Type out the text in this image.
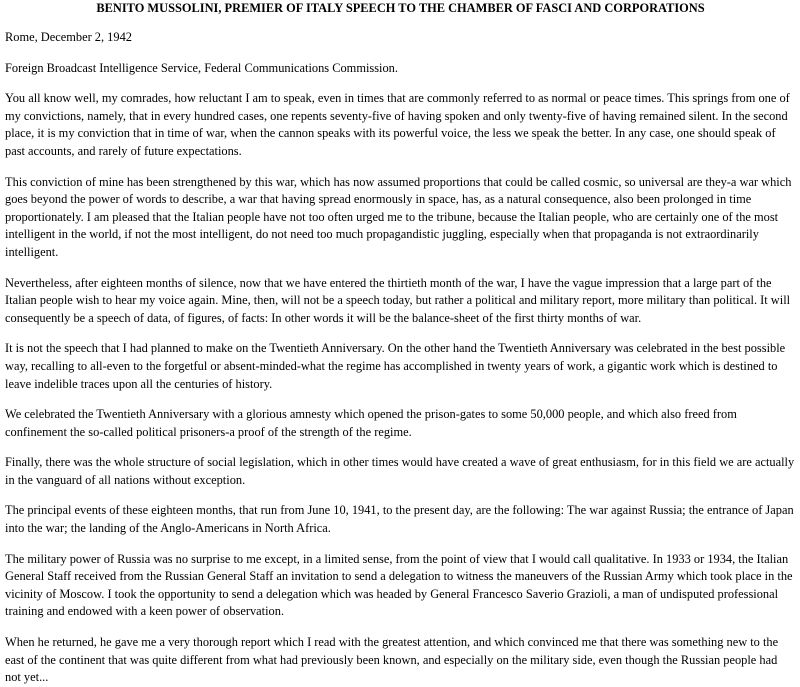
BENITO MUSSOLINI, PREMIER OF ITALY SPEECH TO THE CHAMBER OF FASCI AND CORPORATIONS

Rome, December 2, 1942

Foreign Broadcast Intelligence Service, Federal Communications Commission.

You all know well, my comrades, how reluctant I am to speak, even in times that are commonly referred to as normal or peace times. This springs from one of my convictions, namely, that in every hundred cases, one repents seventy-five of having spoken and only twenty-five of having remained silent. In the second place, it is my conviction that in time of war, when the cannon speaks with its powerful voice, the less we speak the better. In any case, one should speak of past accounts, and rarely of future expectations.

This conviction of mine has been strengthened by this war, which has now assumed proportions that could be called cosmic, so universal are they-a war which goes beyond the power of words to describe, a war that having spread enormously in space, has, as a natural consequence, also been prolonged in time proportionately. I am pleased that the Italian people have not too often urged me to the tribune, because the Italian people, who are certainly one of the most intelligent in the world, if not the most intelligent, do not need too much propagandistic juggling, especially when that propaganda is not extraordinarily intelligent.

Nevertheless, after eighteen months of silence, now that we have entered the thirtieth month of the war, I have the vague impression that a large part of the Italian people wish to hear my voice again. Mine, then, will not be a speech today, but rather a political and military report, more military than political. It will consequently be a speech of data, of figures, of facts: In other words it will be the balance-sheet of the first thirty months of war.

It is not the speech that I had planned to make on the Twentieth Anniversary. On the other hand the Twentieth Anniversary was celebrated in the best possible way, recalling to all-even to the forgetful or absent-minded-what the regime has accomplished in twenty years of work, a gigantic work which is destined to leave indelible traces upon all the centuries of history.

We celebrated the Twentieth Anniversary with a glorious amnesty which opened the prison-gates to some 50,000 people, and which also freed from confinement the so-called political prisoners-a proof of the strength of the regime.

Finally, there was the whole structure of social legislation, which in other times would have created a wave of great enthusiasm, for in this field we are actually in the vanguard of all nations without exception.

The principal events of these eighteen months, that run from June 10, 1941, to the present day, are the following: The war against Russia; the entrance of Japan into the war; the landing of the Anglo-Americans in North Africa.

The military power of Russia was no surprise to me except, in a limited sense, from the point of view that I would call qualitative. In 1933 or 1934, the Italian General Staff received from the Russian General Staff an invitation to send a delegation to witness the maneuvers of the Russian Army which took place in the vicinity of Moscow. I took the opportunity to send a delegation which was headed by General Francesco Saverio Grazioli, a man of undisputed professional training and endowed with a keen power of observation.

When he returned, he gave me a very thorough report which I read with the greatest attention, and which convinced me that there was something new to the east of the continent that was quite different from what had previously been known, and especially on the military side, even though the Russian people had not yet...
